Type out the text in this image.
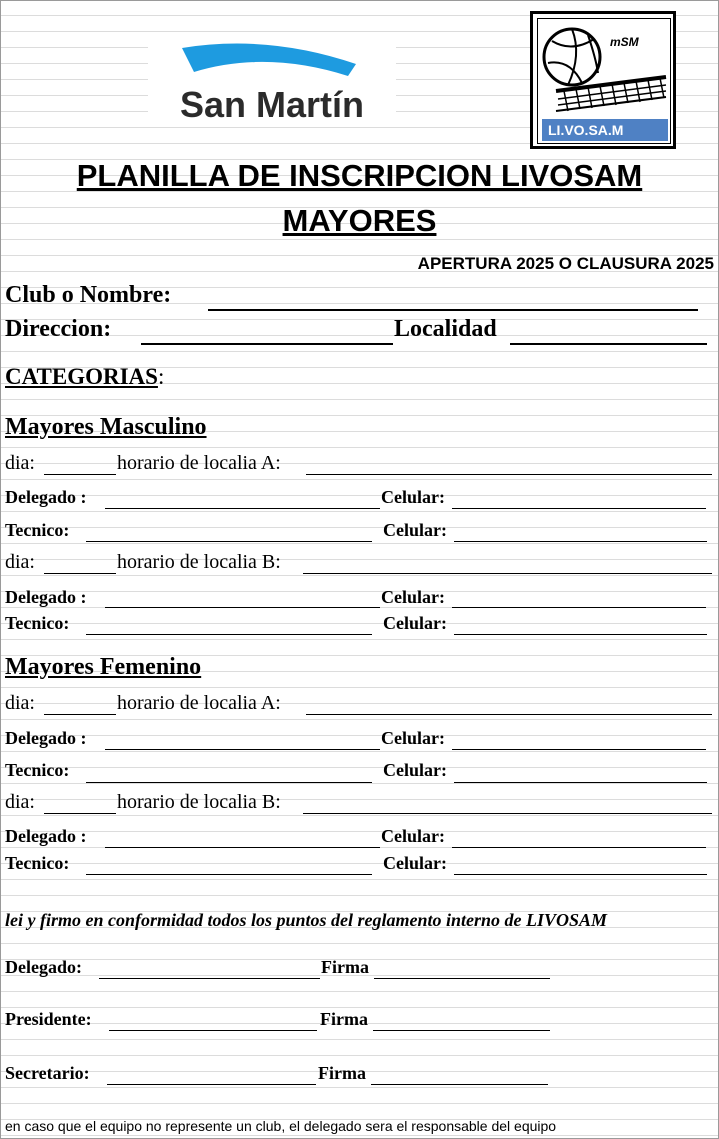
San Martín
mSM
LI.VO.SA.M
PLANILLA DE INSCRIPCION LIVOSAM
MAYORES
APERTURA 2025 O CLAUSURA 2025
Club o Nombre:
Direccion:	Localidad
CATEGORIAS:
Mayores Masculino
dia:	horario de localia A:
Delegado :	Celular:
Tecnico:	Celular:
dia:	horario de localia B:
Delegado :	Celular:
Tecnico:	Celular:
Mayores Femenino
dia:	horario de localia A:
Delegado :	Celular:
Tecnico:	Celular:
dia:	horario de localia B:
Delegado :	Celular:
Tecnico:	Celular:
lei y firmo en conformidad todos los puntos del reglamento interno de LIVOSAM
Delegado:	Firma
Presidente:	Firma
Secretario:	Firma
en caso que el equipo no represente un club, el delegado sera el responsable del equipo
